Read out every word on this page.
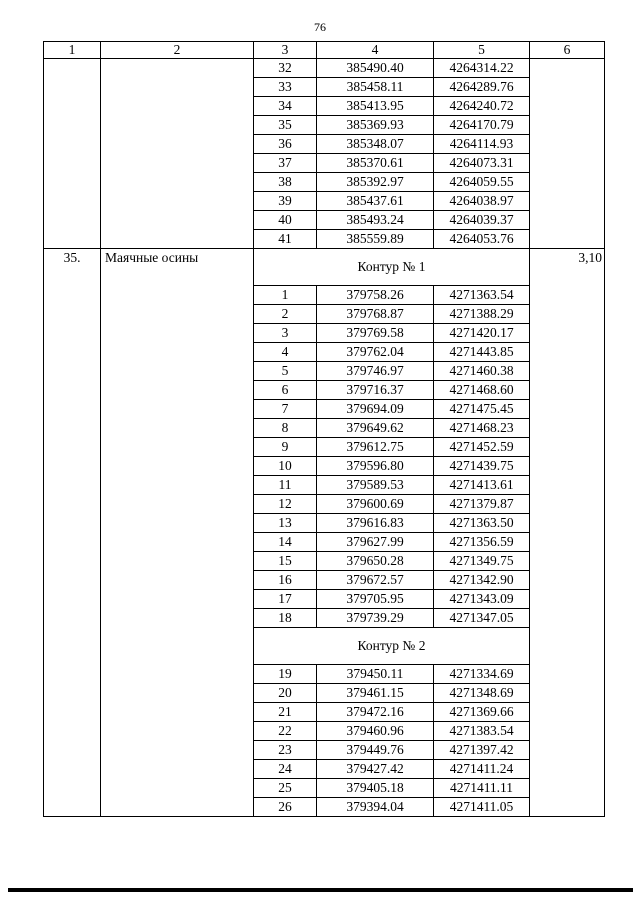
76
1	2	3	4	5	6
		32	385490.40	4264314.22	
		33	385458.11	4264289.76	
		34	385413.95	4264240.72	
		35	385369.93	4264170.79	
		36	385348.07	4264114.93	
		37	385370.61	4264073.31	
		38	385392.97	4264059.55	
		39	385437.61	4264038.97	
		40	385493.24	4264039.37	
		41	385559.89	4264053.76	
35.	Маячные осины	Контур № 1			3,10
		1	379758.26	4271363.54	
		2	379768.87	4271388.29	
		3	379769.58	4271420.17	
		4	379762.04	4271443.85	
		5	379746.97	4271460.38	
		6	379716.37	4271468.60	
		7	379694.09	4271475.45	
		8	379649.62	4271468.23	
		9	379612.75	4271452.59	
		10	379596.80	4271439.75	
		11	379589.53	4271413.61	
		12	379600.69	4271379.87	
		13	379616.83	4271363.50	
		14	379627.99	4271356.59	
		15	379650.28	4271349.75	
		16	379672.57	4271342.90	
		17	379705.95	4271343.09	
		18	379739.29	4271347.05	
		Контур № 2			
		19	379450.11	4271334.69	
		20	379461.15	4271348.69	
		21	379472.16	4271369.66	
		22	379460.96	4271383.54	
		23	379449.76	4271397.42	
		24	379427.42	4271411.24	
		25	379405.18	4271411.11	
		26	379394.04	4271411.05	
